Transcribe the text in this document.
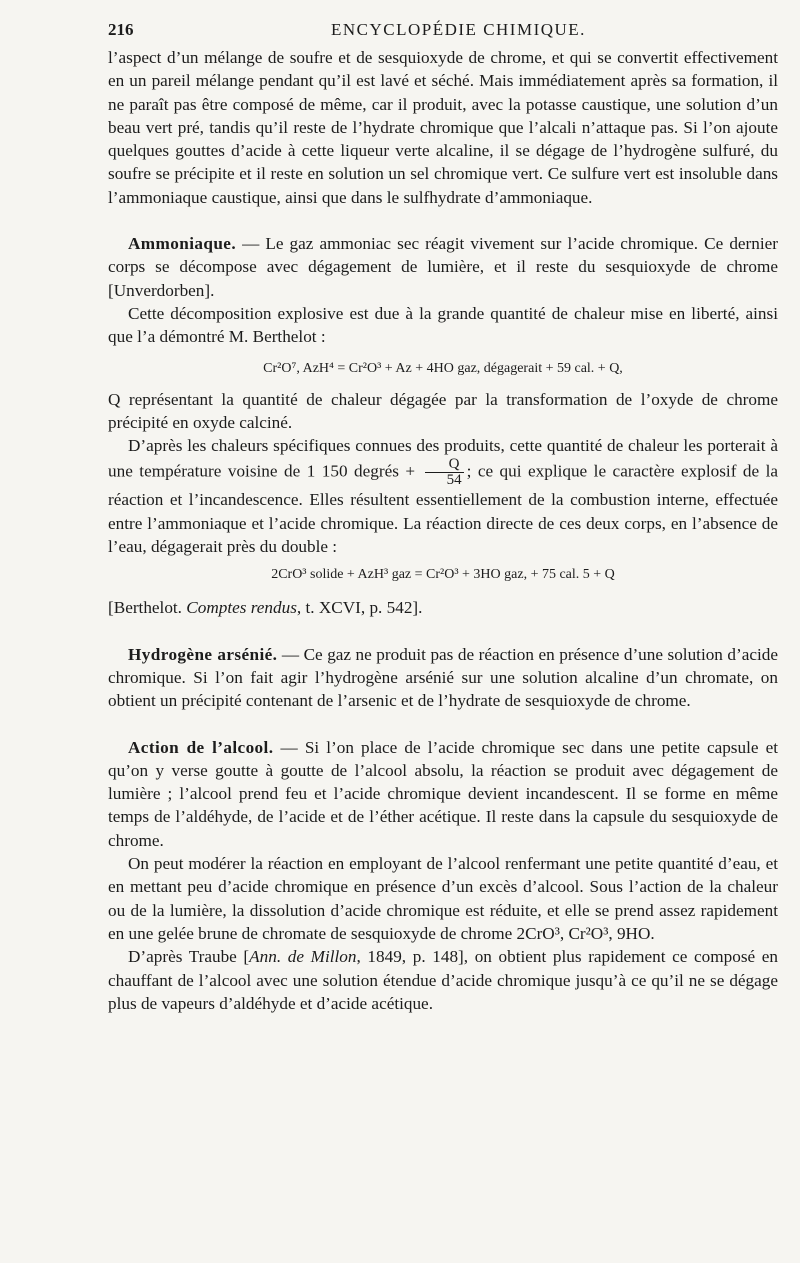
216	ENCYCLOPÉDIE CHIMIQUE.

l’aspect d’un mélange de soufre et de sesquioxyde de chrome, et qui se convertit effectivement en un pareil mélange pendant qu’il est lavé et séché. Mais immédiatement après sa formation, il ne paraît pas être composé de même, car il produit, avec la potasse caustique, une solution d’un beau vert pré, tandis qu’il reste de l’hydrate chromique que l’alcali n’attaque pas. Si l’on ajoute quelques gouttes d’acide à cette liqueur verte alcaline, il se dégage de l’hydrogène sulfuré, du soufre se précipite et il reste en solution un sel chromique vert. Ce sulfure vert est insoluble dans l’ammoniaque caustique, ainsi que dans le sulfhydrate d’ammoniaque.

Ammoniaque. — Le gaz ammoniac sec réagit vivement sur l’acide chromique. Ce dernier corps se décompose avec dégagement de lumière, et il reste du sesquioxyde de chrome [Unverdorben].

Cette décomposition explosive est due à la grande quantité de chaleur mise en liberté, ainsi que l’a démontré M. Berthelot :

Cr²O⁷, AzH⁴ = Cr²O³ + Az + 4HO gaz, dégagerait + 59 cal. + Q,

Q représentant la quantité de chaleur dégagée par la transformation de l’oxyde de chrome précipité en oxyde calciné.

D’après les chaleurs spécifiques connues des produits, cette quantité de chaleur les porterait à une température voisine de 1 150 degrés + $\frac{Q}{54}$ ; ce qui explique le caractère explosif de la réaction et l’incandescence. Elles résultent essentiellement de la combustion interne, effectuée entre l’ammoniaque et l’acide chromique. La réaction directe de ces deux corps, en l’absence de l’eau, dégagerait près du double :

2CrO³ solide + AzH³ gaz = Cr²O³ + 3HO gaz, + 75 cal. 5 + Q

[Berthelot. Comptes rendus, t. XCVI, p. 542].

Hydrogène arsénié. — Ce gaz ne produit pas de réaction en présence d’une solution d’acide chromique. Si l’on fait agir l’hydrogène arsénié sur une solution alcaline d’un chromate, on obtient un précipité contenant de l’arsenic et de l’hydrate de sesquioxyde de chrome.

Action de l’alcool. — Si l’on place de l’acide chromique sec dans une petite capsule et qu’on y verse goutte à goutte de l’alcool absolu, la réaction se produit avec dégagement de lumière ; l’alcool prend feu et l’acide chromique devient incandescent. Il se forme en même temps de l’aldéhyde, de l’acide et de l’éther acétique. Il reste dans la capsule du sesquioxyde de chrome.

On peut modérer la réaction en employant de l’alcool renfermant une petite quantité d’eau, et en mettant peu d’acide chromique en présence d’un excès d’alcool. Sous l’action de la chaleur ou de la lumière, la dissolution d’acide chromique est réduite, et elle se prend assez rapidement en une gelée brune de chromate de sesquioxyde de chrome 2CrO³, Cr²O³, 9HO.

D’après Traube [Ann. de Millon, 1849, p. 148], on obtient plus rapidement ce composé en chauffant de l’alcool avec une solution étendue d’acide chromique jusqu’à ce qu’il ne se dégage plus de vapeurs d’aldéhyde et d’acide acétique.
